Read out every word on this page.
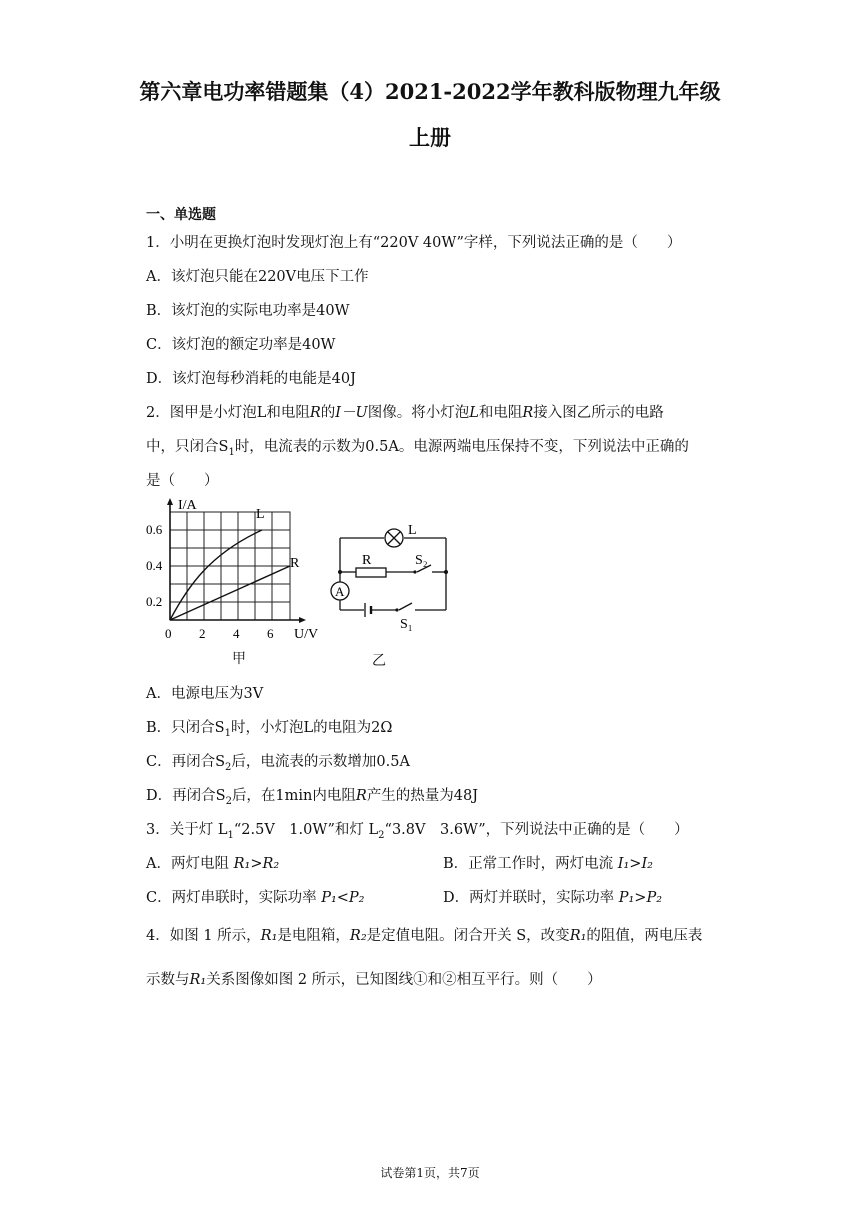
第六章电功率错题集（4）2021-2022学年教科版物理九年级
上册
一、单选题
1．小明在更换灯泡时发现灯泡上有“220V 40W”字样，下列说法正确的是（　　）
A．该灯泡只能在220V电压下工作
B．该灯泡的实际电功率是40W
C．该灯泡的额定功率是40W
D．该灯泡每秒消耗的电能是40J
2．图甲是小灯泡L和电阻R的I－U图像。将小灯泡L和电阻R接入图乙所示的电路
中，只闭合$S_1$时，电流表的示数为0.5A。电源两端电压保持不变，下列说法中正确的
是（　　）
I/A
L
R
0.6
0.4
0.2
0 2 4 6 U/V
甲
L
R	S₂
A
S₁
乙
A．电源电压为3V
B．只闭合$S_1$时，小灯泡L的电阻为2Ω
C．再闭合$S_2$后，电流表的示数增加0.5A
D．再闭合$S_2$后，在1min内电阻R产生的热量为48J
3．关于灯 $L_1“2.5V$　1.0W”和灯 $L_2“3.8V$　3.6W”，下列说法中正确的是（　　）
A．两灯电阻 R₁>R₂	B．正常工作时，两灯电流 I₁>I₂
C．两灯串联时，实际功率 P₁<P₂	D．两灯并联时，实际功率 P₁>P₂
4．如图 1 所示，R₁是电阻箱，R₂是定值电阻。闭合开关 S，改变R₁的阻值，两电压表
示数与R₁关系图像如图 2 所示，已知图线①和②相互平行。则（　　）
试卷第1页，共7页
